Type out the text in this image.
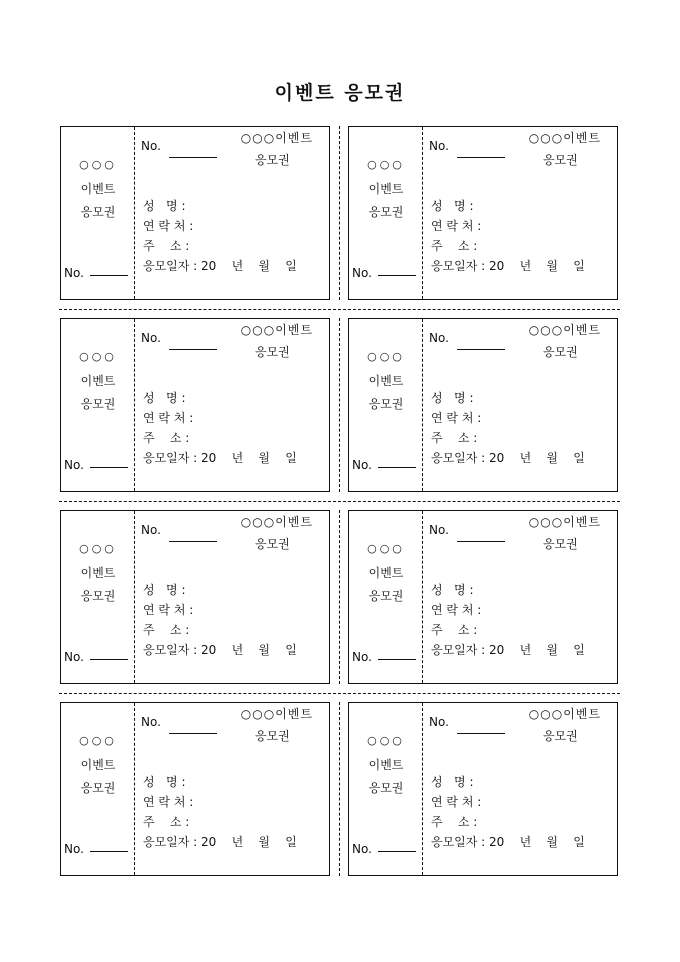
이벤트 응모권
○○○
이벤트
응모권
No.
No.
○○○이벤트
응모권
성   명 :
연 락 처 :
주    소 :
응모일자 : 20    년    월    일
○○○
이벤트
응모권
No.
No.
○○○이벤트
응모권
성   명 :
연 락 처 :
주    소 :
응모일자 : 20    년    월    일
○○○
이벤트
응모권
No.
No.
○○○이벤트
응모권
성   명 :
연 락 처 :
주    소 :
응모일자 : 20    년    월    일
○○○
이벤트
응모권
No.
No.
○○○이벤트
응모권
성   명 :
연 락 처 :
주    소 :
응모일자 : 20    년    월    일
○○○
이벤트
응모권
No.
No.
○○○이벤트
응모권
성   명 :
연 락 처 :
주    소 :
응모일자 : 20    년    월    일
○○○
이벤트
응모권
No.
No.
○○○이벤트
응모권
성   명 :
연 락 처 :
주    소 :
응모일자 : 20    년    월    일
○○○
이벤트
응모권
No.
No.
○○○이벤트
응모권
성   명 :
연 락 처 :
주    소 :
응모일자 : 20    년    월    일
○○○
이벤트
응모권
No.
No.
○○○이벤트
응모권
성   명 :
연 락 처 :
주    소 :
응모일자 : 20    년    월    일
